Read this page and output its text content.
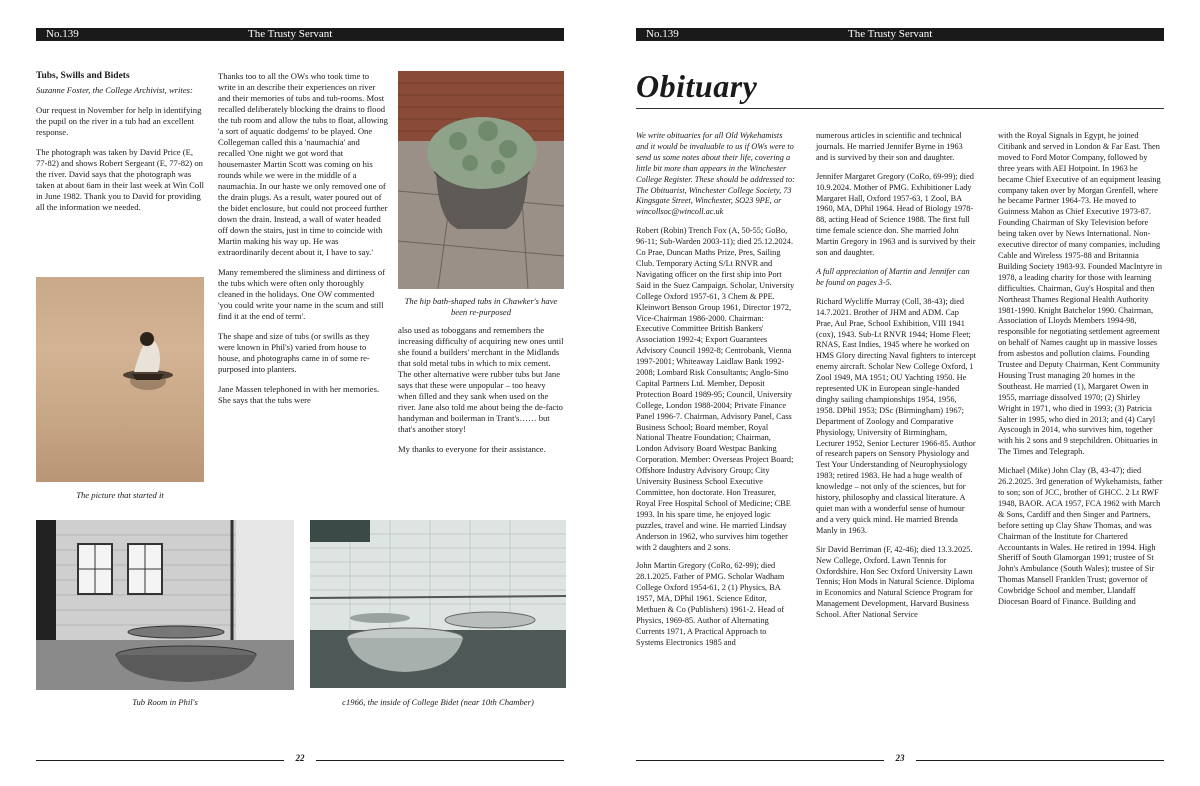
No.139	The Trusty Servant
Tubs, Swills and Bidets
Suzanne Foster, the College Archivist, writes:

Our request in November for help in identifying the pupil on the river in a tub had an excellent response.

The photograph was taken by David Price (E, 77-82) and shows Robert Sergeant (E, 77-82) on the river. David says that the photograph was taken at about 6am in their last week at Win Coll in June 1982. Thank you to David for providing all the information we needed.

The picture that started it

Thanks too to all the OWs who took time to write in an describe their experiences on river and their memories of tubs and tub-rooms. Most recalled deliberately blocking the drains to flood the tub room and allow the tubs to float, allowing 'a sort of aquatic dodgems' to be played. One Collegeman called this a 'naumachia' and recalled 'One night we got word that housemaster Martin Scott was coming on his rounds while we were in the middle of a naumachia. In our haste we only removed one of the drain plugs. As a result, water poured out of the bidet enclosure, but could not proceed further down the drain. Instead, a wall of water headed off down the stairs, just in time to coincide with Martin making his way up. He was extraordinarily decent about it, I have to say.'

Many remembered the sliminess and dirtiness of the tubs which were often only thoroughly cleaned in the holidays. One OW commented 'you could write your name in the scum and still find it at the end of term'.

The shape and size of tubs (or swills as they were known in Phil's) varied from house to house, and photographs came in of some re-purposed into planters.

Jane Massen telephoned in with her memories. She says that the tubs were

The hip bath-shaped tubs in Chawker's have been re-purposed

also used as toboggans and remembers the increasing difficulty of acquiring new ones until she found a builders' merchant in the Midlands that sold metal tubs in which to mix cement. The other alternative were rubber tubs but Jane says that these were unpopular – too heavy when filled and they sank when used on the river. Jane also told me about being the de-facto handyman and boilerman in Trant's…… but that's another story!

My thanks to everyone for their assistance.

Tub Room in Phil's	c1966, the inside of College Bidet (near 10th Chamber)
22
No.139	The Trusty Servant
Obituary

We write obituaries for all Old Wykehamists and it would be invaluable to us if OWs were to send us some notes about their life, covering a little bit more than appears in the Winchester College Register. These should be addressed to: The Obituarist, Winchester College Society, 73 Kingsgate Street, Winchester, SO23 9PE, or wincollsoc@wincoll.ac.uk

Robert (Robin) Trench Fox (A, 50-55; GoBo, 96-11; Sub-Warden 2003-11); died 25.12.2024. Co Prae, Duncan Maths Prize, Pres, Sailing Club. Temporary Acting S/Lt RNVR and Navigating officer on the first ship into Port Said in the Suez Campaign. Scholar, University College Oxford 1957-61, 3 Chem & PPE. Kleinwort Benson Group 1961, Director 1972, Vice-Chairman 1986-2000. Chairman: Executive Committee British Bankers' Association 1992-4; Export Guarantees Advisory Council 1992-8; Centrobank, Vienna 1997-2001; Whiteaway Laidlaw Bank 1992-2008; Lombard Risk Consultants; Anglo-Sino Capital Partners Ltd. Member, Deposit Protection Board 1989-95; Council, University College, London 1988-2004; Private Finance Panel 1996-7. Chairman, Advisory Panel, Cass Business School; Board member, Royal National Theatre Foundation; Chairman, London Advisory Board Westpac Banking Corporation. Member: Overseas Project Board; Offshore Industry Advisory Group; City University Business School Executive Committee, hon doctorate. Hon Treasurer, Royal Free Hospital School of Medicine; CBE 1993. In his spare time, he enjoyed logic puzzles, travel and wine. He married Lindsay Anderson in 1962, who survives him together with 2 daughters and 2 sons.

John Martin Gregory (CoRo, 62-99); died 28.1.2025. Father of PMG. Scholar Wadham College Oxford 1954-61, 2 (1) Physics, BA 1957, MA, DPhil 1961. Science Editor, Methuen & Co (Publishers) 1961-2. Head of Physics, 1969-85. Author of Alternating Currents 1971, A Practical Approach to Systems Electronics 1985 and

numerous articles in scientific and technical journals. He married Jennifer Byrne in 1963 and is survived by their son and daughter.

Jennifer Margaret Gregory (CoRo, 69-99); died 10.9.2024. Mother of PMG. Exhibitioner Lady Margaret Hall, Oxford 1957-63, 1 Zool, BA 1960, MA, DPhil 1964. Head of Biology 1978-88, acting Head of Science 1988. The first full time female science don. She married John Martin Gregory in 1963 and is survived by their son and daughter.

A full appreciation of Martin and Jennifer can be found on pages 3-5.

Richard Wycliffe Murray (Coll, 38-43); died 14.7.2021. Brother of JHM and ADM. Cap Prae, Aul Prae, School Exhibition, VIII 1941 (cox), 1943. Sub-Lt RNVR 1944; Home Fleet; RNAS, East Indies, 1945 where he worked on HMS Glory directing Naval fighters to intercept enemy aircraft. Scholar New College Oxford, 1 Zool 1949, MA 1951; OU Yachting 1950. He represented UK in European single-handed dinghy sailing championships 1954, 1956, 1958. DPhil 1953; DSc (Birmingham) 1967; Department of Zoology and Comparative Physiology, University of Birmingham, Lecturer 1952, Senior Lecturer 1966-85. Author of research papers on Sensory Physiology and Test Your Understanding of Neurophysiology 1983; retired 1983. He had a huge wealth of knowledge – not only of the sciences, but for history, philosophy and classical literature. A quiet man with a wonderful sense of humour and a very quick mind. He married Brenda Manly in 1963.

Sir David Berriman (F, 42-46); died 13.3.2025. New College, Oxford. Lawn Tennis for Oxfordshire. Hon Sec Oxford University Lawn Tennis; Hon Mods in Natural Science. Diploma in Economics and Natural Science Program for Management Development, Harvard Business School. After National Service

with the Royal Signals in Egypt, he joined Citibank and served in London & Far East. Then moved to Ford Motor Company, followed by three years with AEI Hotpoint. In 1963 he became Chief Executive of an equipment leasing company taken over by Morgan Grenfell, where he became Partner 1964-73. He moved to Guinness Mahon as Chief Executive 1973-87. Founding Chairman of Sky Television before being taken over by News International. Non-executive director of many companies, including Cable and Wireless 1975-88 and Britannia Building Society 1983-93. Founded MacIntyre in 1978, a leading charity for those with learning difficulties. Chairman, Guy's Hospital and then Northeast Thames Regional Health Authority 1981-1990. Knight Batchelor 1990. Chairman, Association of Lloyds Members 1994-98, responsible for negotiating settlement agreement on behalf of Names caught up in massive losses from asbestos and pollution claims. Founding Trustee and Deputy Chairman, Kent Community Housing Trust managing 20 homes in the Southeast. He married (1), Margaret Owen in 1955, marriage dissolved 1970; (2) Shirley Wright in 1971, who died in 1993; (3) Patricia Salter in 1995, who died in 2013; and (4) Caryl Ayscough in 2014, who survives him, together with his 2 sons and 9 stepchildren. Obituaries in The Times and Telegraph.

Michael (Mike) John Clay (B, 43-47); died 26.2.2025. 3rd generation of Wykehamists, father to son; son of JCC, brother of GHCC. 2 Lt RWF 1948, BAOR. ACA 1957, FCA 1962 with March & Sons, Cardiff and then Singer and Partners, before setting up Clay Shaw Thomas, and was Chairman of the Institute for Chartered Accountants in Wales. He retired in 1994. High Sheriff of South Glamorgan 1991; trustee of St John's Ambulance (South Wales); trustee of Sir Thomas Mansell Franklen Trust; governor of Cowbridge School and member, Llandaff Diocesan Board of Finance. Building and

23
